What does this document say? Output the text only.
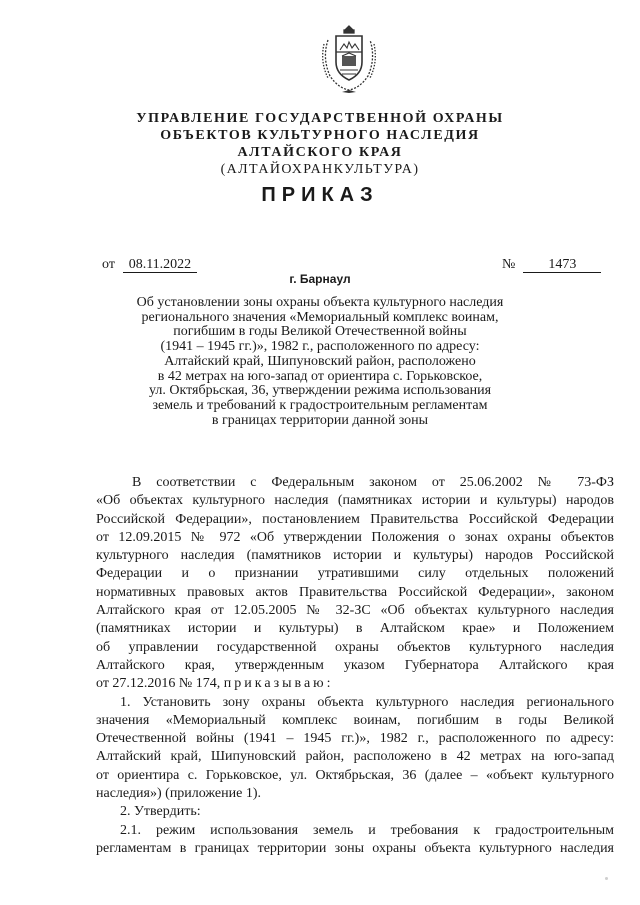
УПРАВЛЕНИЕ ГОСУДАРСТВЕННОЙ ОХРАНЫ
ОБЪЕКТОВ КУЛЬТУРНОГО НАСЛЕДИЯ
АЛТАЙСКОГО КРАЯ
(АЛТАЙОХРАНКУЛЬТУРА)
ПРИКАЗ
от 08.11.2022	№ 1473
г. Барнаул
Об установлении зоны охраны объекта культурного наследия
регионального значения «Мемориальный комплекс воинам,
погибшим в годы Великой Отечественной войны
(1941 – 1945 гг.)», 1982 г., расположенного по адресу:
Алтайский край, Шипуновский район, расположено
в 42 метрах на юго-запад от ориентира с. Горьковское,
ул. Октябрьская, 36, утверждении режима использования
земель и требований к градостроительным регламентам
в границах территории данной зоны
В соответствии с Федеральным законом от 25.06.2002 № 73-ФЗ
«Об объектах культурного наследия (памятниках истории и культуры) народов
Российской Федерации», постановлением Правительства Российской Федерации
от 12.09.2015 № 972 «Об утверждении Положения о зонах охраны объектов
культурного наследия (памятников истории и культуры) народов Российской
Федерации и о признании утратившими силу отдельных положений
нормативных правовых актов Правительства Российской Федерации», законом
Алтайского края от 12.05.2005 № 32-ЗС «Об объектах культурного наследия
(памятниках истории и культуры) в Алтайском крае» и Положением
об управлении государственной охраны объектов культурного наследия
Алтайского края, утвержденным указом Губернатора Алтайского края
от 27.12.2016 № 174, приказываю:
1. Установить зону охраны объекта культурного наследия регионального
значения «Мемориальный комплекс воинам, погибшим в годы Великой
Отечественной войны (1941 – 1945 гг.)», 1982 г., расположенного по адресу:
Алтайский край, Шипуновский район, расположено в 42 метрах на юго-запад
от ориентира с. Горьковское, ул. Октябрьская, 36 (далее – «объект культурного
наследия») (приложение 1).
2. Утвердить:
2.1. режим использования земель и требования к градостроительным
регламентам в границах территории зоны охраны объекта культурного наследия
